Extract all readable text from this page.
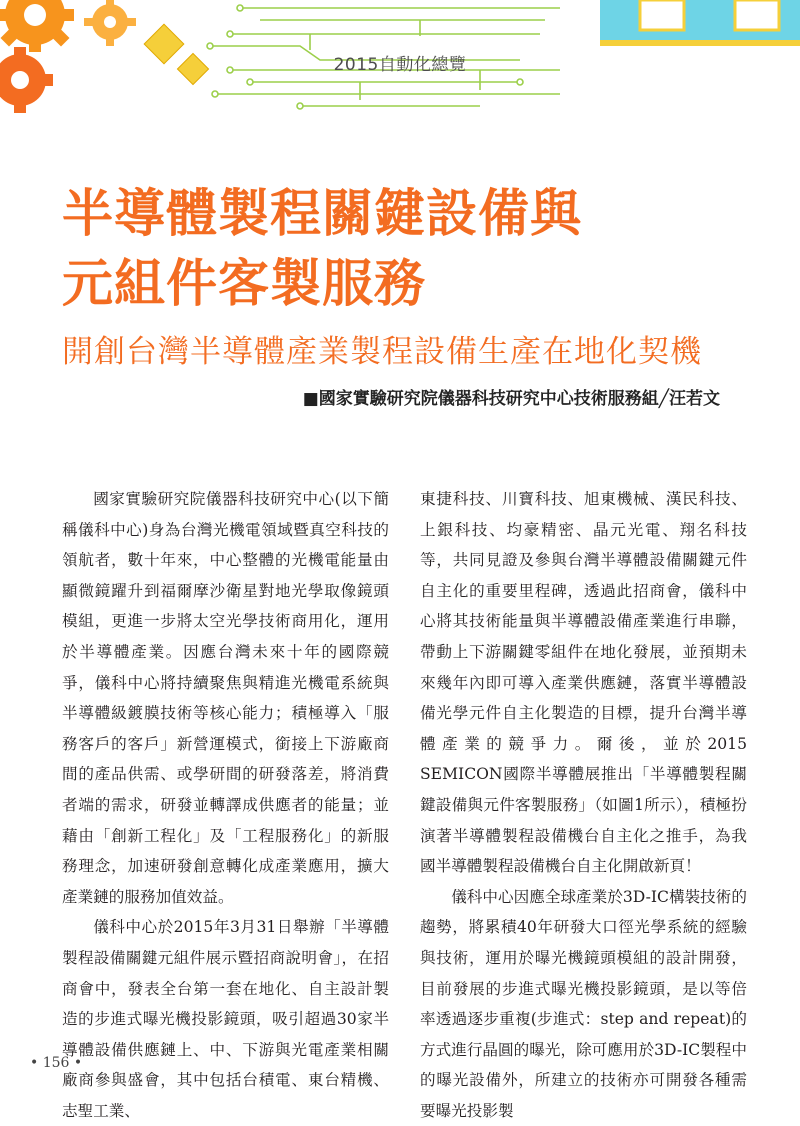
2015自動化總覽
半導體製程關鍵設備與
元組件客製服務
開創台灣半導體產業製程設備生產在地化契機
■國家實驗研究院儀器科技研究中心技術服務組╱汪若文

國家實驗研究院儀器科技研究中心(以下簡稱儀科中心)身為台灣光機電領域暨真空科技的領航者，數十年來，中心整體的光機電能量由顯微鏡躍升到福爾摩沙衛星對地光學取像鏡頭模組，更進一步將太空光學技術商用化，運用於半導體產業。因應台灣未來十年的國際競爭，儀科中心將持續聚焦與精進光機電系統與半導體級鍍膜技術等核心能力；積極導入「服務客戶的客戶」新營運模式，銜接上下游廠商間的產品供需、或學研間的研發落差，將消費者端的需求，研發並轉譯成供應者的能量；並藉由「創新工程化」及「工程服務化」的新服務理念，加速研發創意轉化成產業應用，擴大產業鏈的服務加值效益。

儀科中心於2015年3月31日舉辦「半導體製程設備關鍵元組件展示暨招商說明會」，在招商會中，發表全台第一套在地化、自主設計製造的步進式曝光機投影鏡頭，吸引超過30家半導體設備供應鏈上、中、下游與光電產業相關廠商參與盛會，其中包括台積電、東台精機、志聖工業、

東捷科技、川寶科技、旭東機械、漢民科技、上銀科技、均豪精密、晶元光電、翔名科技等，共同見證及參與台灣半導體設備關鍵元件自主化的重要里程碑，透過此招商會，儀科中心將其技術能量與半導體設備產業進行串聯，帶動上下游關鍵零組件在地化發展，並預期未來幾年內即可導入產業供應鏈，落實半導體設備光學元件自主化製造的目標，提升台灣半導體產業的競爭力。爾後，並於2015 SEMICON國際半導體展推出「半導體製程關鍵設備與元件客製服務」（如圖1所示），積極扮演著半導體製程設備機台自主化之推手，為我國半導體製程設備機台自主化開啟新頁！

儀科中心因應全球產業於3D-IC構裝技術的趨勢，將累積40年研發大口徑光學系統的經驗與技術，運用於曝光機鏡頭模組的設計開發，目前發展的步進式曝光機投影鏡頭，是以等倍率透過逐步重複(步進式：step and repeat)的方式進行晶圓的曝光，除可應用於3D-IC製程中的曝光設備外，所建立的技術亦可開發各種需要曝光投影製

• 156 •
